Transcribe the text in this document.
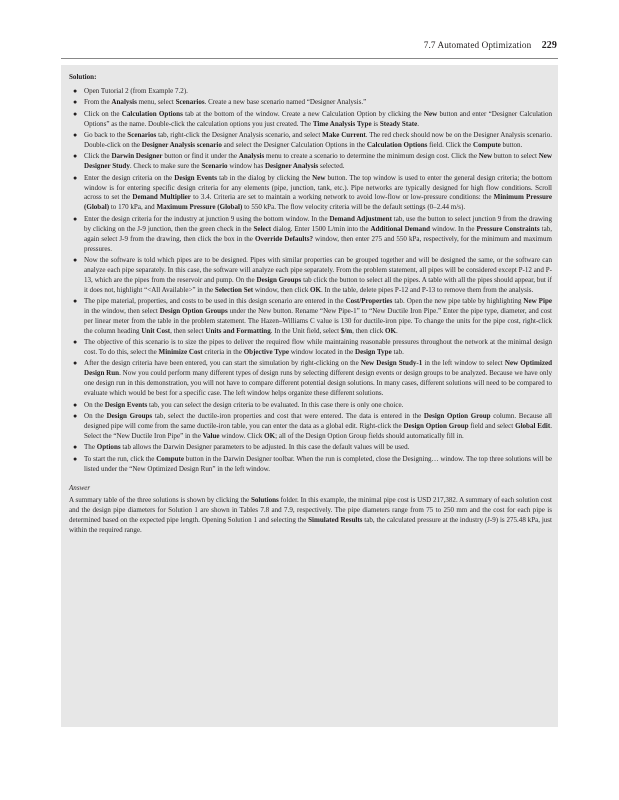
7.7 Automated Optimization 229
Solution:
● Open Tutorial 2 (from Example 7.2).
● From the Analysis menu, select Scenarios. Create a new base scenario named “Designer Analysis.”
● Click on the Calculation Options tab at the bottom of the window. Create a new Calculation Option by clicking the New button and enter “Designer Calculation Options” as the name. Double-click the calculation options you just created. The Time Analysis Type is Steady State.
● Go back to the Scenarios tab, right-click the Designer Analysis scenario, and select Make Current. The red check should now be on the Designer Analysis scenario. Double-click on the Designer Analysis scenario and select the Designer Calculation Options in the Calculation Options field. Click the Compute button.
● Click the Darwin Designer button or find it under the Analysis menu to create a scenario to determine the minimum design cost. Click the New button to select New Designer Study. Check to make sure the Scenario window has Designer Analysis selected.
● Enter the design criteria on the Design Events tab in the dialog by clicking the New button. The top window is used to enter the general design criteria; the bottom window is for entering specific design criteria for any elements (pipe, junction, tank, etc.). Pipe networks are typically designed for high flow conditions. Scroll across to set the Demand Multiplier to 3.4. Criteria are set to maintain a working network to avoid low-flow or low-pressure conditions: the Minimum Pressure (Global) to 170 kPa, and Maximum Pressure (Global) to 550 kPa. The flow velocity criteria will be the default settings (0–2.44 m/s).
● Enter the design criteria for the industry at junction 9 using the bottom window. In the Demand Adjustment tab, use the button to select junction 9 from the drawing by clicking on the J-9 junction, then the green check in the Select dialog. Enter 1500 L/min into the Additional Demand window. In the Pressure Constraints tab, again select J-9 from the drawing, then click the box in the Override Defaults? window, then enter 275 and 550 kPa, respectively, for the minimum and maximum pressures.
● Now the software is told which pipes are to be designed. Pipes with similar properties can be grouped together and will be designed the same, or the software can analyze each pipe separately. In this case, the software will analyze each pipe separately. From the problem statement, all pipes will be considered except P-12 and P-13, which are the pipes from the reservoir and pump. On the Design Groups tab click the button to select all the pipes. A table with all the pipes should appear, but if it does not, highlight “<All Available>” in the Selection Set window, then click OK. In the table, delete pipes P-12 and P-13 to remove them from the analysis.
● The pipe material, properties, and costs to be used in this design scenario are entered in the Cost/Properties tab. Open the new pipe table by highlighting New Pipe in the window, then select Design Option Groups under the New button. Rename “New Pipe-1” to “New Ductile Iron Pipe.” Enter the pipe type, diameter, and cost per linear meter from the table in the problem statement. The Hazen–Williams C value is 130 for ductile-iron pipe. To change the units for the pipe cost, right-click the column heading Unit Cost, then select Units and Formatting. In the Unit field, select $/m, then click OK.
● The objective of this scenario is to size the pipes to deliver the required flow while maintaining reasonable pressures throughout the network at the minimal design cost. To do this, select the Minimize Cost criteria in the Objective Type window located in the Design Type tab.
● After the design criteria have been entered, you can start the simulation by right-clicking on the New Design Study-1 in the left window to select New Optimized Design Run. Now you could perform many different types of design runs by selecting different design events or design groups to be analyzed. Because we have only one design run in this demonstration, you will not have to compare different potential design solutions. In many cases, different solutions will need to be compared to evaluate which would be best for a specific case. The left window helps organize these different solutions.
● On the Design Events tab, you can select the design criteria to be evaluated. In this case there is only one choice.
● On the Design Groups tab, select the ductile-iron properties and cost that were entered. The data is entered in the Design Option Group column. Because all designed pipe will come from the same ductile-iron table, you can enter the data as a global edit. Right-click the Design Option Group field and select Global Edit. Select the “New Ductile Iron Pipe” in the Value window. Click OK; all of the Design Option Group fields should automatically fill in.
● The Options tab allows the Darwin Designer parameters to be adjusted. In this case the default values will be used.
● To start the run, click the Compute button in the Darwin Designer toolbar. When the run is completed, close the Designing… window. The top three solutions will be listed under the “New Optimized Design Run” in the left window.
Answer

A summary table of the three solutions is shown by clicking the Solutions folder. In this example, the minimal pipe cost is USD 217,382. A summary of each solution cost and the design pipe diameters for Solution 1 are shown in Tables 7.8 and 7.9, respectively. The pipe diameters range from 75 to 250 mm and the cost for each pipe is determined based on the expected pipe length. Opening Solution 1 and selecting the Simulated Results tab, the calculated pressure at the industry (J-9) is 275.48 kPa, just within the required range.
